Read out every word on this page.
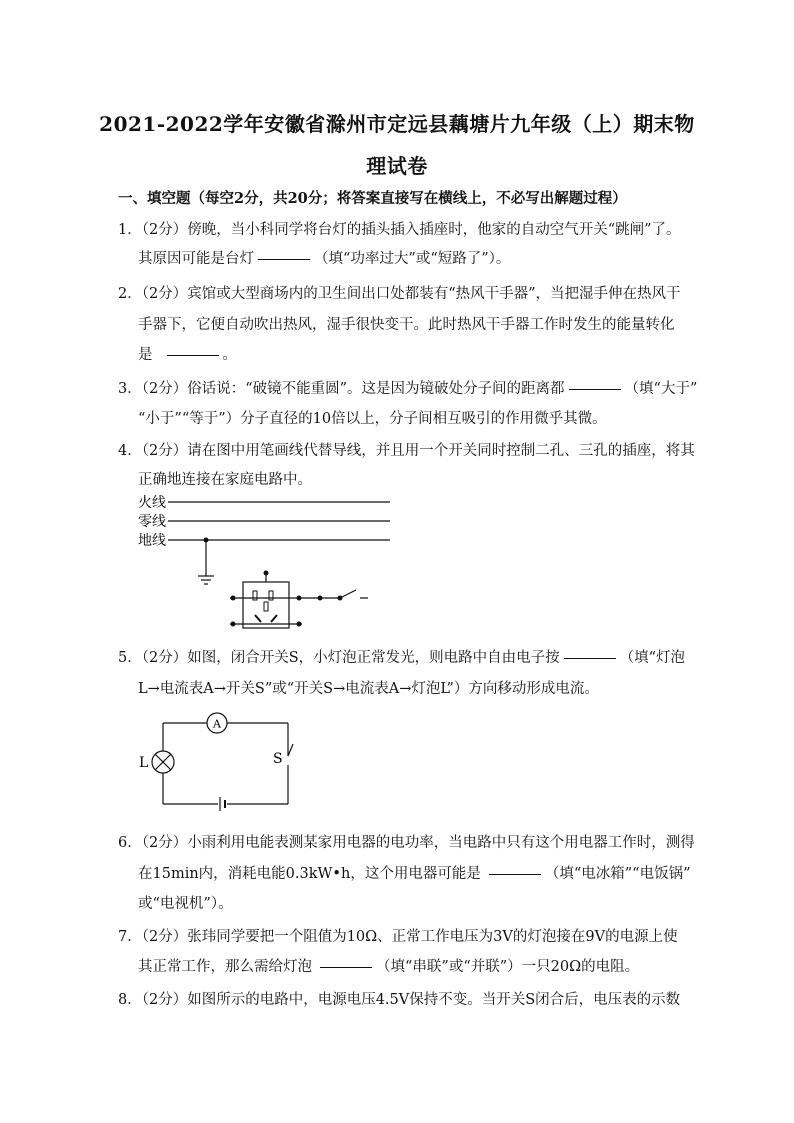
2021-2022学年安徽省滁州市定远县藕塘片九年级（上）期末物
理试卷
一、填空题（每空2分，共20分；将答案直接写在横线上，不必写出解题过程）
1．（2分）傍晚，当小科同学将台灯的插头插入插座时，他家的自动空气开关“跳闸”了。
其原因可能是台灯	（填“功率过大”或“短路了”）。
2．（2分）宾馆或大型商场内的卫生间出口处都装有“热风干手器”，当把湿手伸在热风干
手器下，它便自动吹出热风，湿手很快变干。此时热风干手器工作时发生的能量转化
是	。
3．（2分）俗话说：“破镜不能重圆”。这是因为镜破处分子间的距离都	（填“大于”
“小于”“等于”）分子直径的10倍以上，分子间相互吸引的作用微乎其微。
4．（2分）请在图中用笔画线代替导线，并且用一个开关同时控制二孔、三孔的插座，将其
正确地连接在家庭电路中。
火线
零线
地线
5．（2分）如图，闭合开关S，小灯泡正常发光，则电路中自由电子按	（填“灯泡
L→电流表A→开关S”或“开关S→电流表A→灯泡L”）方向移动形成电流。
A
S
L
6．（2分）小雨利用电能表测某家用电器的电功率，当电路中只有这个用电器工作时，测得
在15min内，消耗电能0.3kW•h，这个用电器可能是	（填“电冰箱”“电饭锅”
或“电视机”）。
7．（2分）张玮同学要把一个阻值为10Ω、正常工作电压为3V的灯泡接在9V的电源上使
其正常工作，那么需给灯泡	（填“串联”或“并联”）一只20Ω的电阻。
8．（2分）如图所示的电路中，电源电压4.5V保持不变。当开关S闭合后，电压表的示数
